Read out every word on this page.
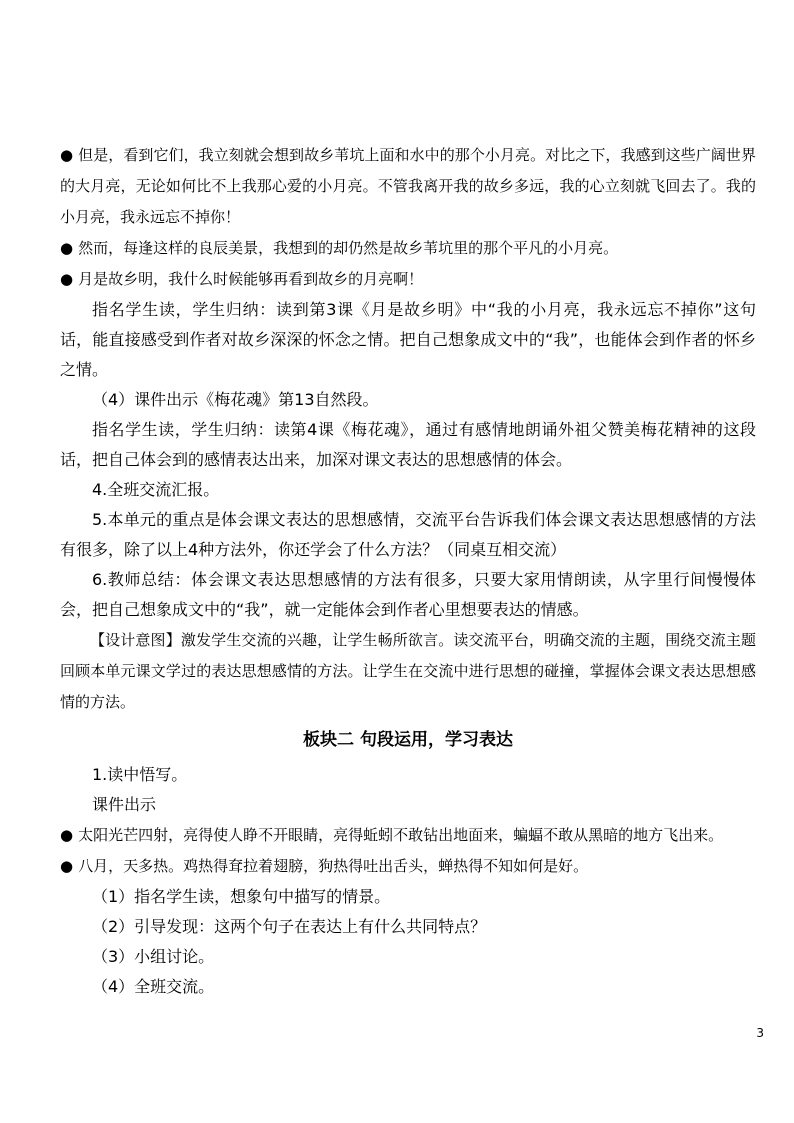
● 但是，看到它们，我立刻就会想到故乡苇坑上面和水中的那个小月亮。对比之下，我感到这些广阔世界的大月亮，无论如何比不上我那心爱的小月亮。不管我离开我的故乡多远，我的心立刻就飞回去了。我的小月亮，我永远忘不掉你！

● 然而，每逢这样的良辰美景，我想到的却仍然是故乡苇坑里的那个平凡的小月亮。

● 月是故乡明，我什么时候能够再看到故乡的月亮啊！

指名学生读，学生归纳：读到第3课《月是故乡明》中“我的小月亮，我永远忘不掉你”这句话，能直接感受到作者对故乡深深的怀念之情。把自己想象成文中的“我”，也能体会到作者的怀乡之情。

（4）课件出示《梅花魂》第13自然段。

指名学生读，学生归纳：读第4课《梅花魂》，通过有感情地朗诵外祖父赞美梅花精神的这段话，把自己体会到的感情表达出来，加深对课文表达的思想感情的体会。

4.全班交流汇报。

5.本单元的重点是体会课文表达的思想感情，交流平台告诉我们体会课文表达思想感情的方法有很多，除了以上4种方法外，你还学会了什么方法？（同桌互相交流）

6.教师总结：体会课文表达思想感情的方法有很多，只要大家用情朗读，从字里行间慢慢体会，把自己想象成文中的“我”，就一定能体会到作者心里想要表达的情感。

【设计意图】激发学生交流的兴趣，让学生畅所欲言。读交流平台，明确交流的主题，围绕交流主题回顾本单元课文学过的表达思想感情的方法。让学生在交流中进行思想的碰撞，掌握体会课文表达思想感情的方法。

板块二 句段运用，学习表达

1.读中悟写。

课件出示

● 太阳光芒四射，亮得使人睁不开眼睛，亮得蚯蚓不敢钻出地面来，蝙蝠不敢从黑暗的地方飞出来。

● 八月，天多热。鸡热得耷拉着翅膀，狗热得吐出舌头，蝉热得不知如何是好。

（1）指名学生读，想象句中描写的情景。

（2）引导发现：这两个句子在表达上有什么共同特点？

（3）小组讨论。

（4）全班交流。

3
